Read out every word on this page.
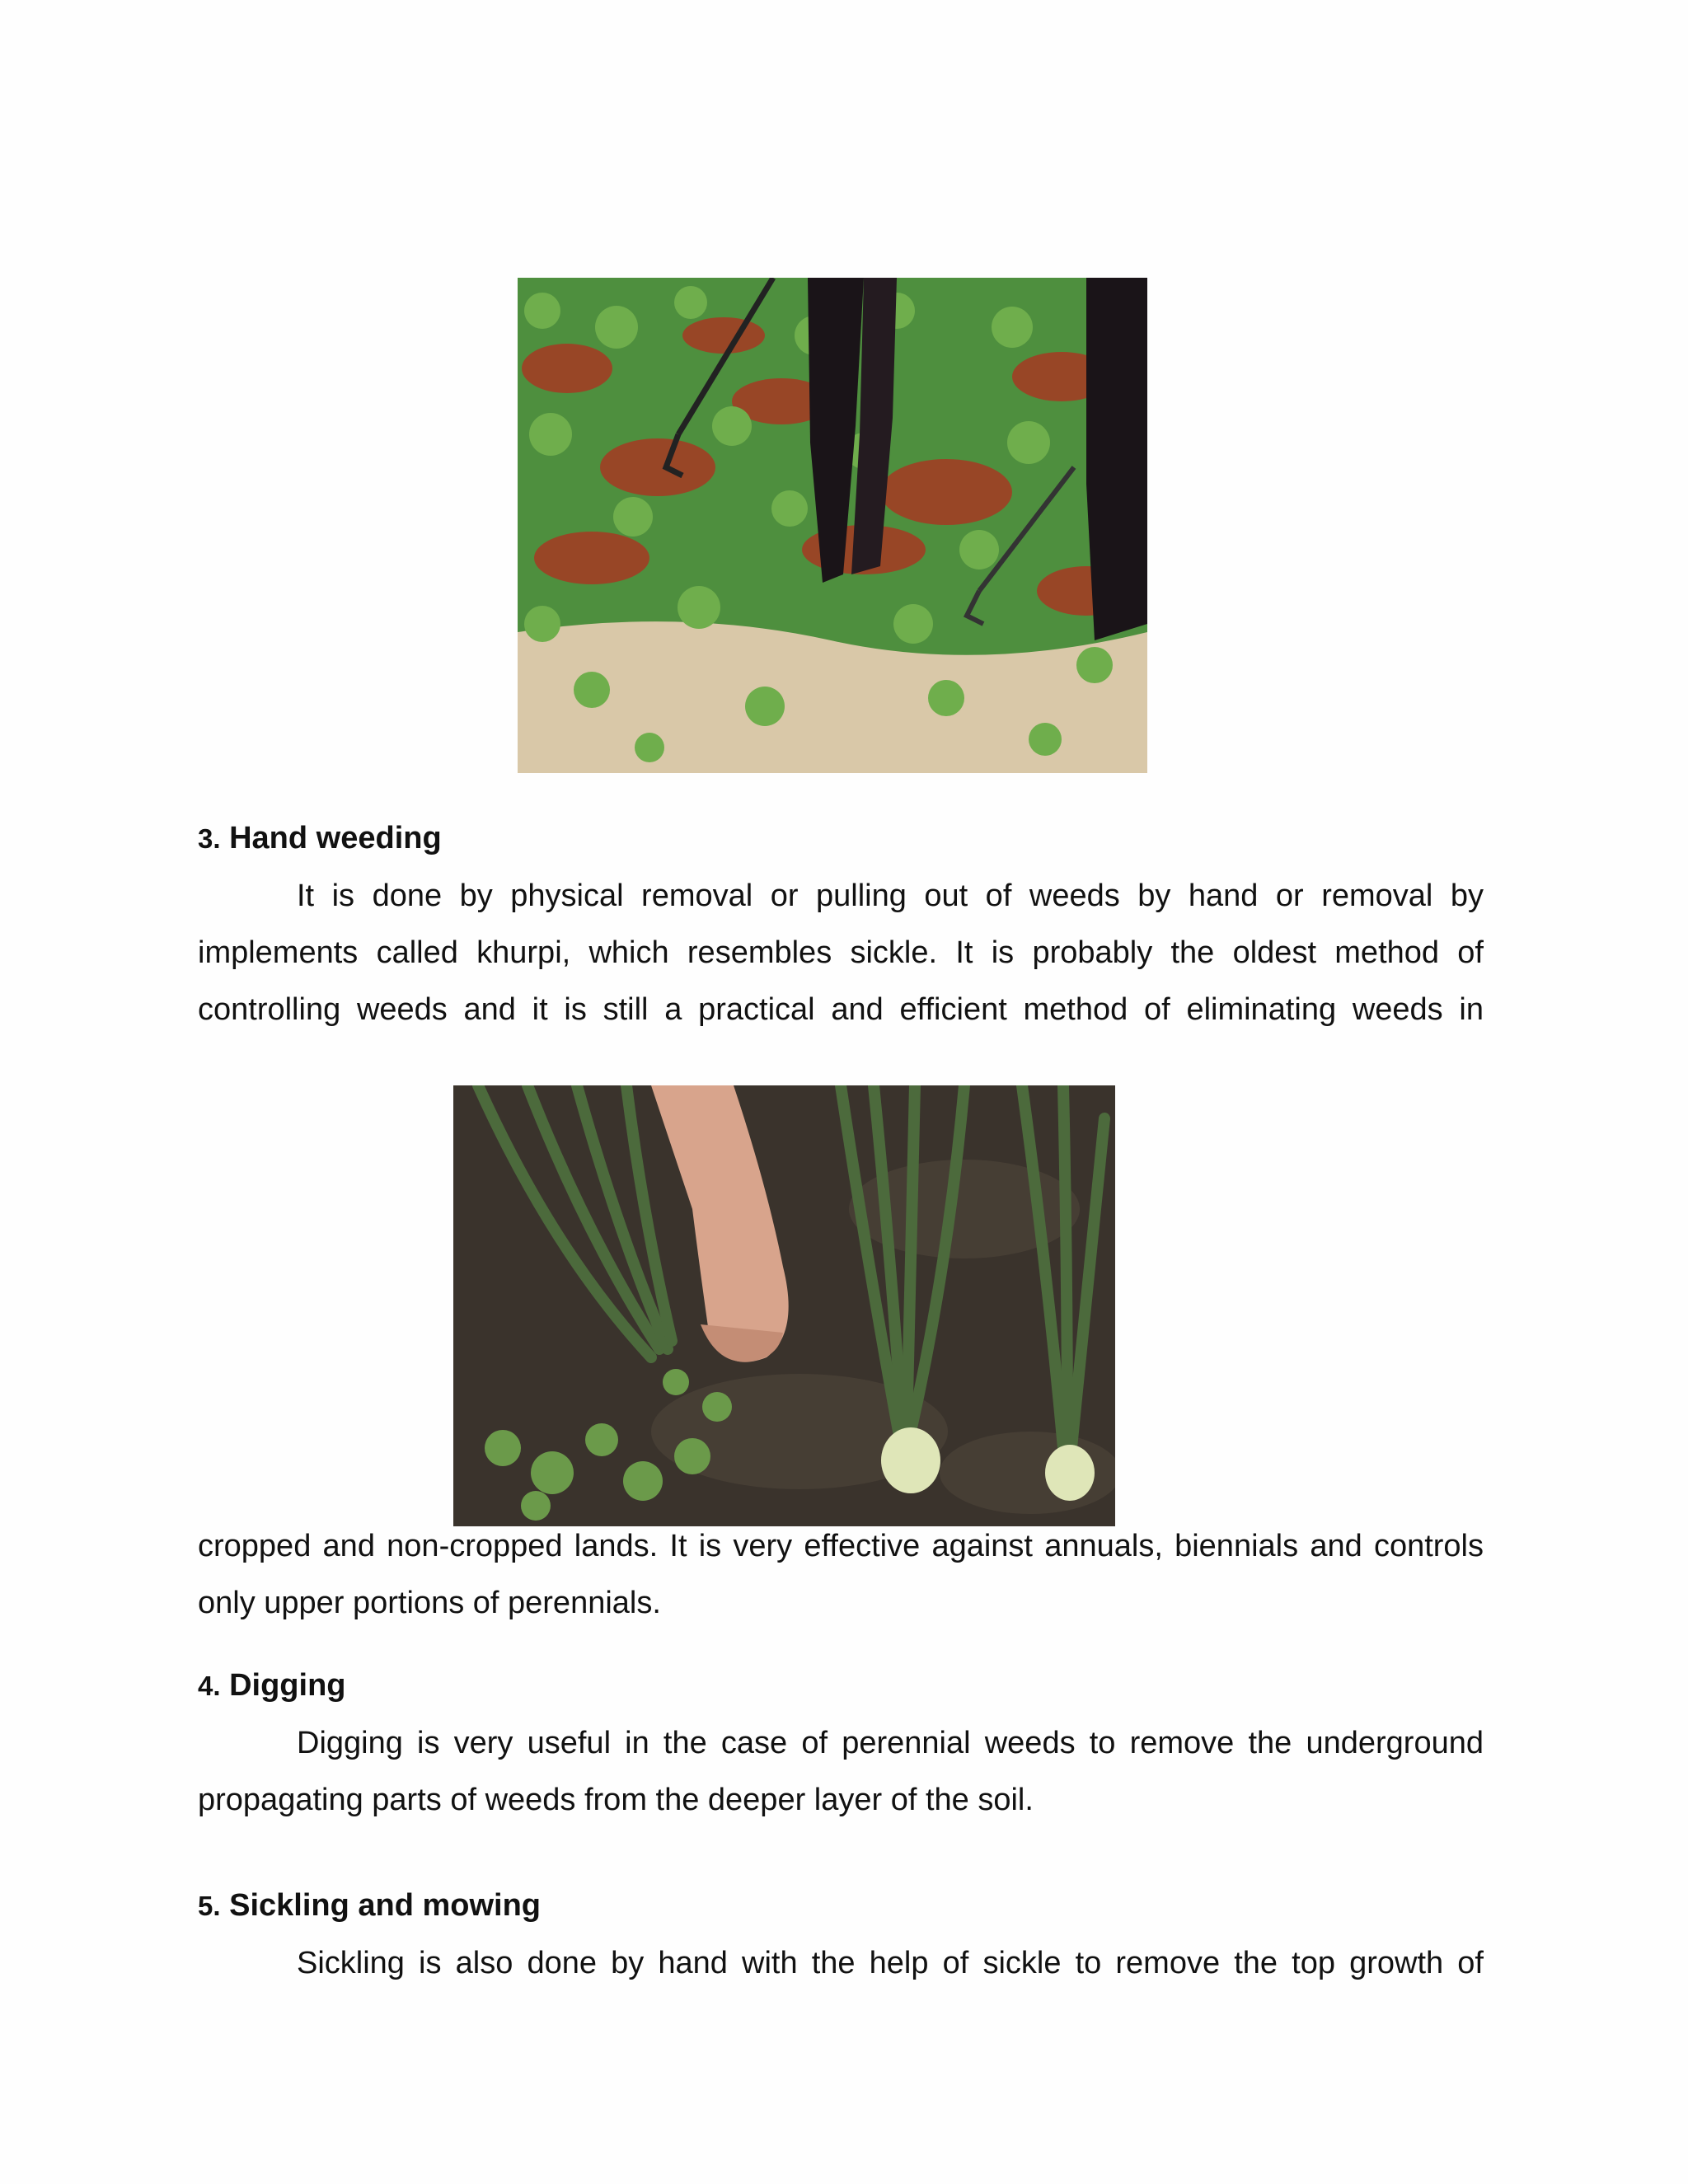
3. Hand weeding

It is done by physical removal or pulling out of weeds by hand or removal by implements called khurpi, which resembles sickle. It is probably the oldest method of controlling weeds and it is still a practical and efficient method of eliminating weeds in

cropped and non-cropped lands. It is very effective against annuals, biennials and controls only upper portions of perennials.

4. Digging

Digging is very useful in the case of perennial weeds to remove the underground propagating parts of weeds from the deeper layer of the soil.

5. Sickling and mowing

Sickling is also done by hand with the help of sickle to remove the top growth of
